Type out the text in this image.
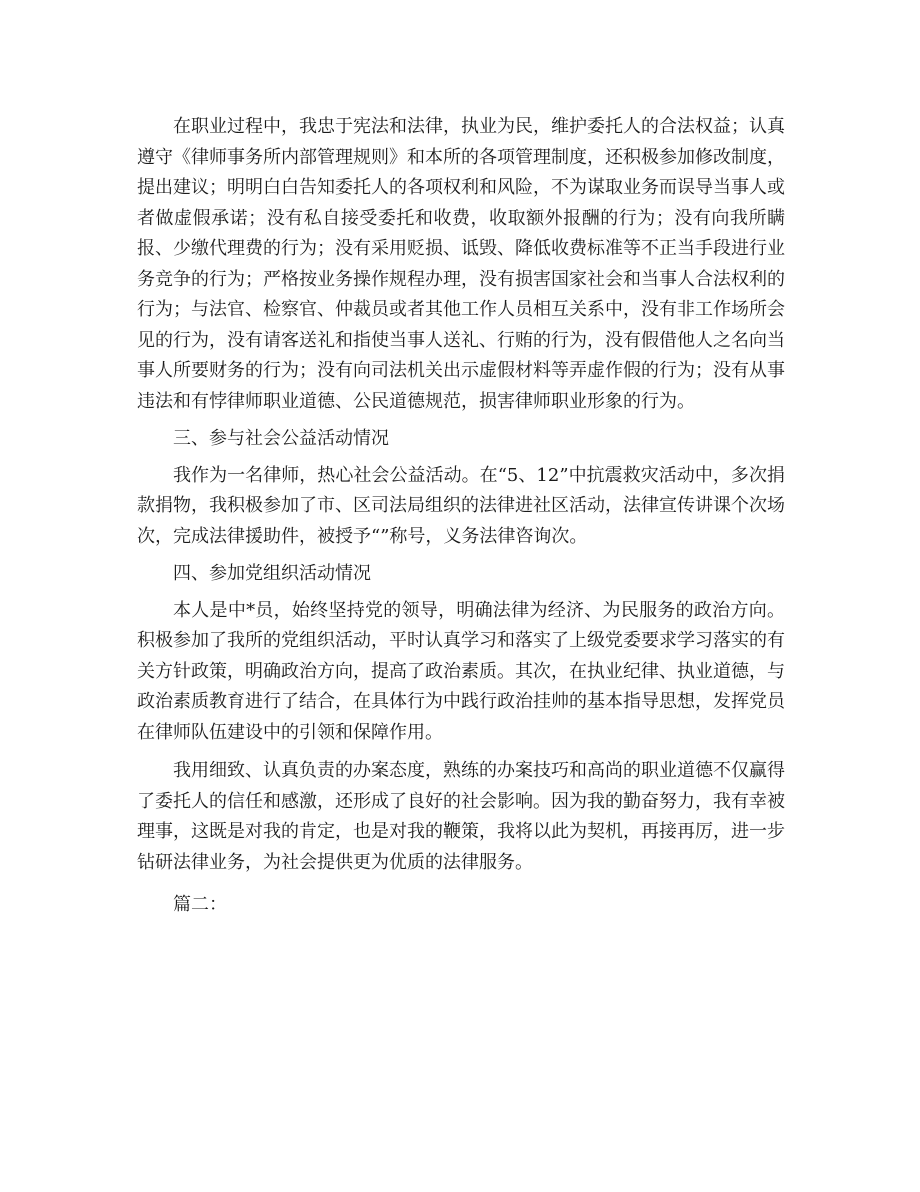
在职业过程中，我忠于宪法和法律，执业为民，维护委托人的合法权益；认真遵守《律师事务所内部管理规则》和本所的各项管理制度，还积极参加修改制度，提出建议；明明白白告知委托人的各项权利和风险，不为谋取业务而误导当事人或者做虚假承诺；没有私自接受委托和收费，收取额外报酬的行为；没有向我所瞒报、少缴代理费的行为；没有采用贬损、诋毁、降低收费标准等不正当手段进行业务竞争的行为；严格按业务操作规程办理，没有损害国家社会和当事人合法权利的行为；与法官、检察官、仲裁员或者其他工作人员相互关系中，没有非工作场所会见的行为，没有请客送礼和指使当事人送礼、行贿的行为，没有假借他人之名向当事人所要财务的行为；没有向司法机关出示虚假材料等弄虚作假的行为；没有从事违法和有悖律师职业道德、公民道德规范，损害律师职业形象的行为。

三、参与社会公益活动情况

我作为一名律师，热心社会公益活动。在“5、12”中抗震救灾活动中，多次捐款捐物，我积极参加了市、区司法局组织的法律进社区活动，法律宣传讲课个次场次，完成法律援助件，被授予“”称号，义务法律咨询次。

四、参加党组织活动情况

本人是中*员，始终坚持党的领导，明确法律为经济、为民服务的政治方向。积极参加了我所的党组织活动，平时认真学习和落实了上级党委要求学习落实的有关方针政策，明确政治方向，提高了政治素质。其次，在执业纪律、执业道德，与政治素质教育进行了结合，在具体行为中践行政治挂帅的基本指导思想，发挥党员在律师队伍建设中的引领和保障作用。

我用细致、认真负责的办案态度，熟练的办案技巧和高尚的职业道德不仅赢得了委托人的信任和感激，还形成了良好的社会影响。因为我的勤奋努力，我有幸被理事，这既是对我的肯定，也是对我的鞭策，我将以此为契机，再接再厉，进一步钻研法律业务，为社会提供更为优质的法律服务。

篇二：
